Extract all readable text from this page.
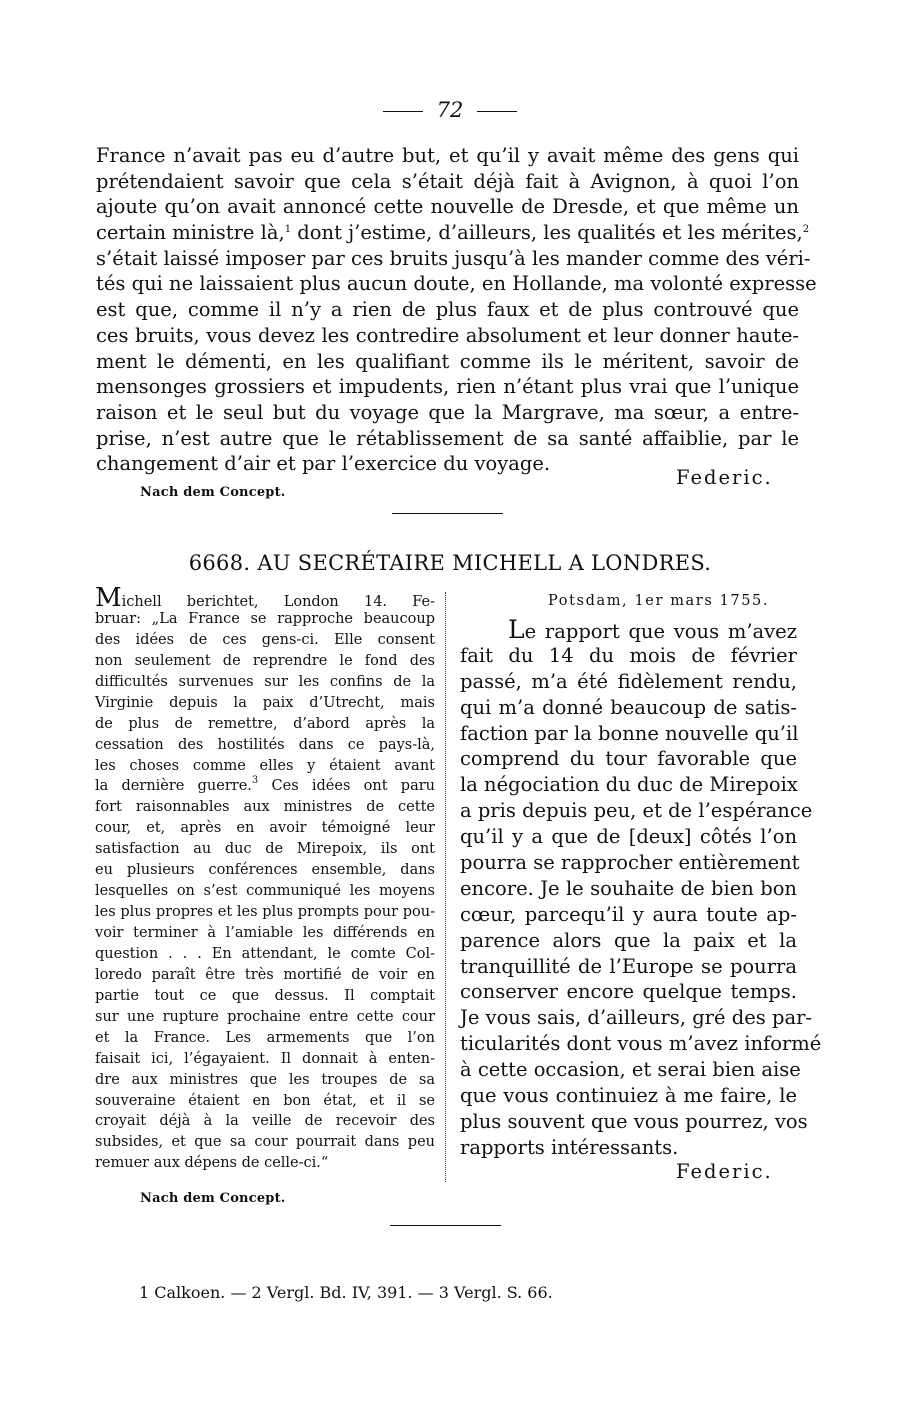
72
France n’avait pas eu d’autre but, et qu’il y avait même des gens qui
prétendaient savoir que cela s’était déjà fait à Avignon, à quoi l’on
ajoute qu’on avait annoncé cette nouvelle de Dresde, et que même un
certain ministre là,$^1$ dont j’estime, d’ailleurs, les qualités et les mérites,$^2$
s’était laissé imposer par ces bruits jusqu’à les mander comme des véri-
tés qui ne laissaient plus aucun doute, en Hollande, ma volonté expresse
est que, comme il n’y a rien de plus faux et de plus controuvé que
ces bruits, vous devez les contredire absolument et leur donner haute-
ment le démenti, en les qualifiant comme ils le méritent, savoir de
mensonges grossiers et impudents, rien n’étant plus vrai que l’unique
raison et le seul but du voyage que la Margrave, ma sœur, a entre-
prise, n’est autre que le rétablissement de sa santé affaiblie, par le
changement d’air et par l’exercice du voyage.
Federic.
Nach dem Concept.
6668. AU SECRÉTAIRE MICHELL A LONDRES.
Michell berichtet, London 14. Fe-
bruar: „La France se rapproche beaucoup
des idées de ces gens-ci. Elle consent
non seulement de reprendre le fond des
difficultés survenues sur les confins de la
Virginie depuis la paix d’Utrecht, mais
de plus de remettre, d’abord après la
cessation des hostilités dans ce pays-là,
les choses comme elles y étaient avant
la dernière guerre.$^3$ Ces idées ont paru
fort raisonnables aux ministres de cette
cour, et, après en avoir témoigné leur
satisfaction au duc de Mirepoix, ils ont
eu plusieurs conférences ensemble, dans
lesquelles on s’est communiqué les moyens
les plus propres et les plus prompts pour pou-
voir terminer à l’amiable les différends en
question . . . En attendant, le comte Col-
loredo paraît être très mortifié de voir en
partie tout ce que dessus. Il comptait
sur une rupture prochaine entre cette cour
et la France. Les armements que l’on
faisait ici, l’égayaient. Il donnait à enten-
dre aux ministres que les troupes de sa
souveraine étaient en bon état, et il se
croyait déjà à la veille de recevoir des
subsides, et que sa cour pourrait dans peu
remuer aux dépens de celle-ci.“
Potsdam, 1er mars 1755.
Le rapport que vous m’avez
fait du 14 du mois de février
passé, m’a été fidèlement rendu,
qui m’a donné beaucoup de satis-
faction par la bonne nouvelle qu’il
comprend du tour favorable que
la négociation du duc de Mirepoix
a pris depuis peu, et de l’espérance
qu’il y a que de [deux] côtés l’on
pourra se rapprocher entièrement
encore. Je le souhaite de bien bon
cœur, parcequ’il y aura toute ap-
parence alors que la paix et la
tranquillité de l’Europe se pourra
conserver encore quelque temps.
Je vous sais, d’ailleurs, gré des par-
ticularités dont vous m’avez informé
à cette occasion, et serai bien aise
que vous continuiez à me faire, le
plus souvent que vous pourrez, vos
rapports intéressants.
Federic.
Nach dem Concept.
1 Calkoen. — 2 Vergl. Bd. IV, 391. — 3 Vergl. S. 66.
